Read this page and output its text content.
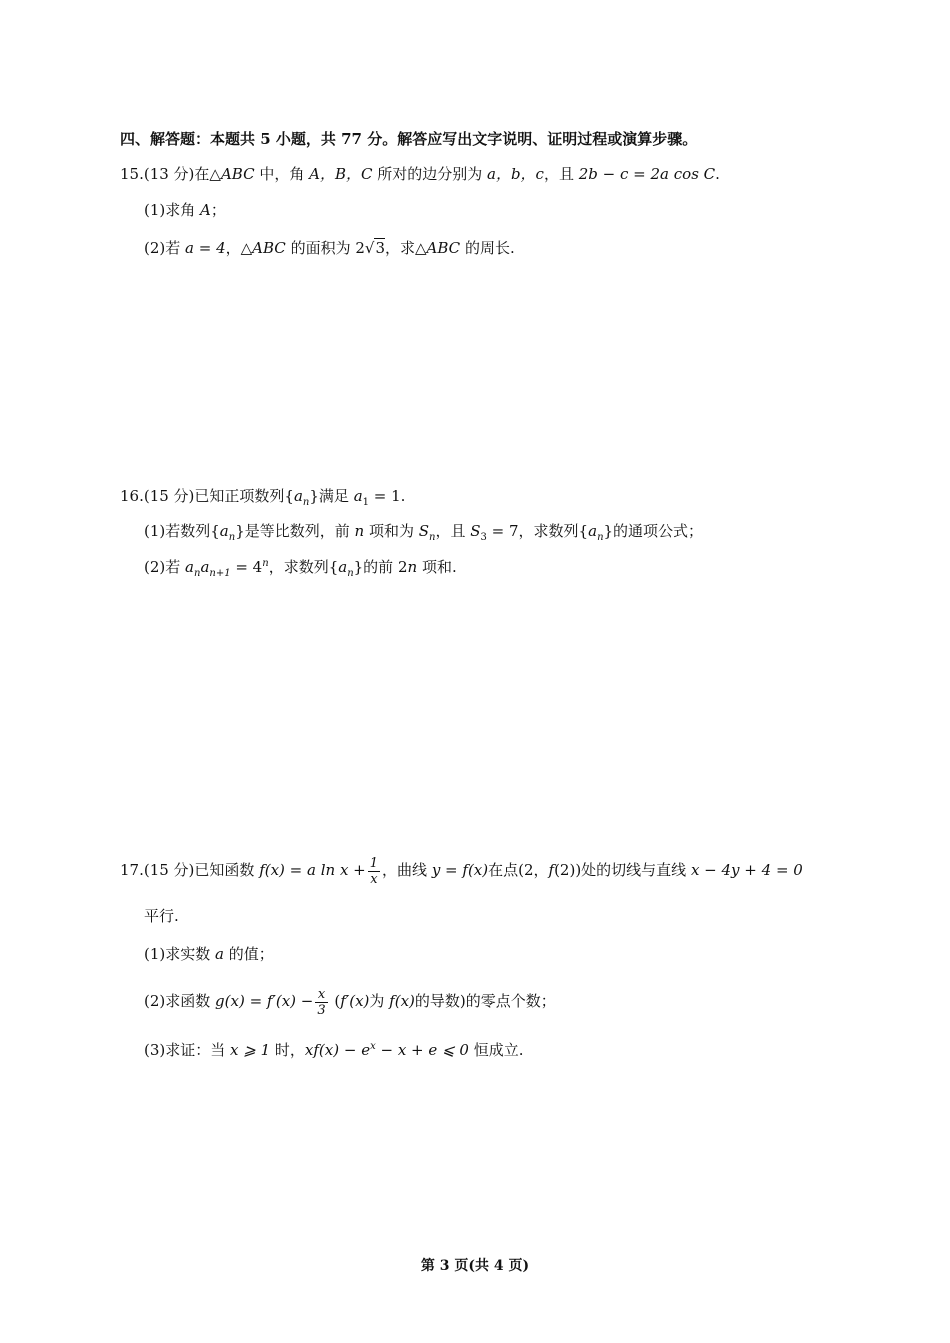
四、解答题：本题共 5 小题，共 77 分。解答应写出文字说明、证明过程或演算步骤。
15.(13 分)在△ABC 中，角 A，B，C 所对的边分别为 a，b，c，且 2b − c = 2a cos C.
(1)求角 A；
(2)若 a = 4，△ABC 的面积为 2√3，求△ABC 的周长.
16.(15 分)已知正项数列$\{a_n\}$满足 $a_1 = 1$.
(1)若数列$\{a_n\}$是等比数列，前 n 项和为 $S_n$，且 $S_3 = 7$，求数列$\{a_n\}$的通项公式；
(2)若 $a_na_{n+1} = 4^n$，求数列$\{a_n\}$的前 2n 项和.
17.(15 分)已知函数 f(x) = a $\ln x + \frac{1}{x}$ ，曲线 y = f(x)在点(2，f(2))处的切线与直线 x − 4y + 4 = 0
平行.
(1)求实数 a 的值；
(2)求函数 $g(x) = f'(x) - \frac{x}{3} (f'(x)$为 f(x)的导数)的零点个数；
(3)求证：当 x ⩾ 1 时，$xf(x) - e^x - x + e$ ⩽ 0 恒成立.
第 3 页(共 4 页)
